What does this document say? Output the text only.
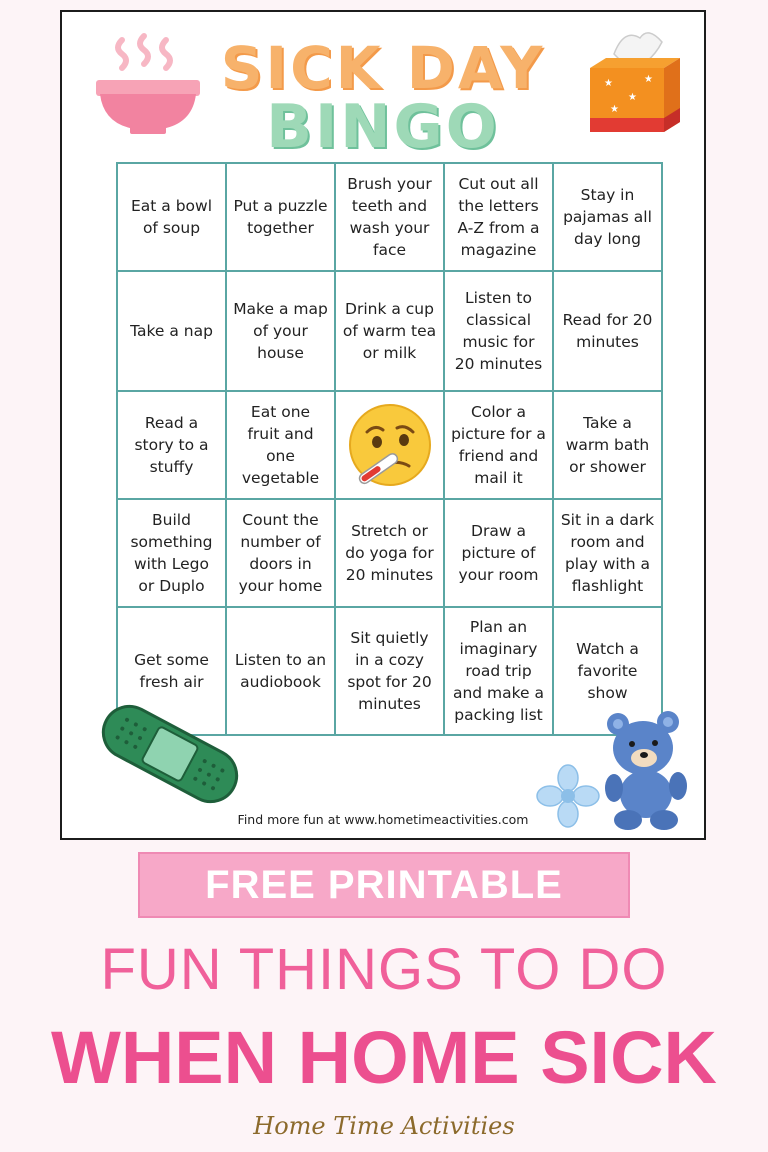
SICK DAY
BINGO
★
★
★
★
Eat a bowl of soup
Put a puzzle together
Brush your teeth and wash your face
Cut out all the letters A-Z from a magazine
Stay in pajamas all day long
Take a nap
Make a map of your house
Drink a cup of warm tea or milk
Listen to classical music for 20 minutes
Read for 20 minutes
Read a story to a stuffy
Eat one fruit and one vegetable
Color a picture for a friend and mail it
Take a warm bath or shower
Build something with Lego or Duplo
Count the number of doors in your home
Stretch or do yoga for 20 minutes
Draw a picture of your room
Sit in a dark room and play with a flashlight
Get some fresh air
Listen to an audiobook
Sit quietly in a cozy spot for 20 minutes
Plan an imaginary road trip and make a packing list
Watch a favorite show
Find more fun at www.hometimeactivities.com
FREE PRINTABLE
FUN THINGS TO DO
WHEN HOME SICK
Home Time Activities
